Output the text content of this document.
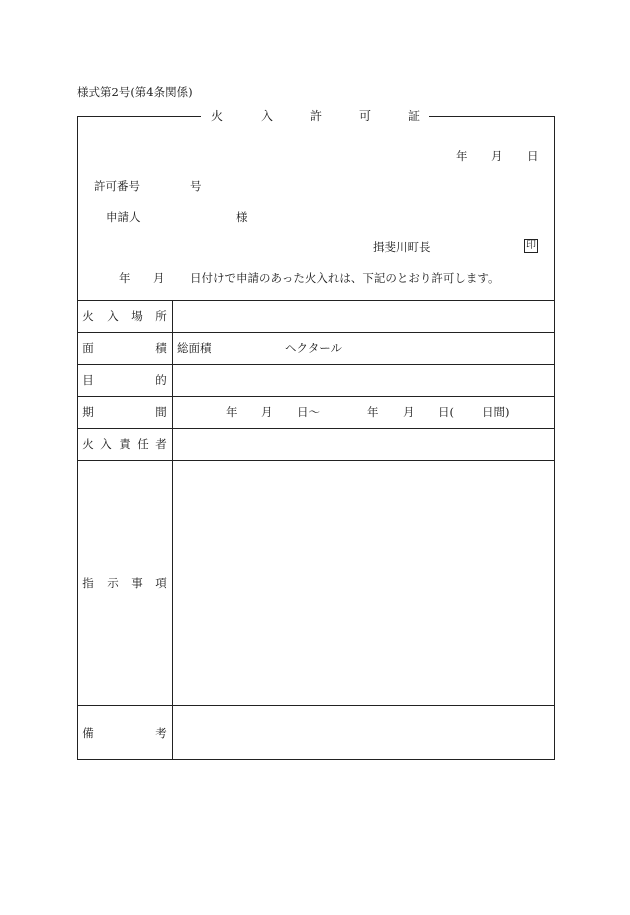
様式第2号(第4条関係)
火	入	許	可	証
年 月 日
許可番号	号
申請人	様
揖斐川町長	印
年 月 日付けで申請のあった火入れは、下記のとおり許可します。
火 入 場 所
面	積 総面積	ヘクタール
目	的
期	間	年 月 日〜	年 月 日( 日間)
火 入 責 任 者
指 示 事 項
備	考
